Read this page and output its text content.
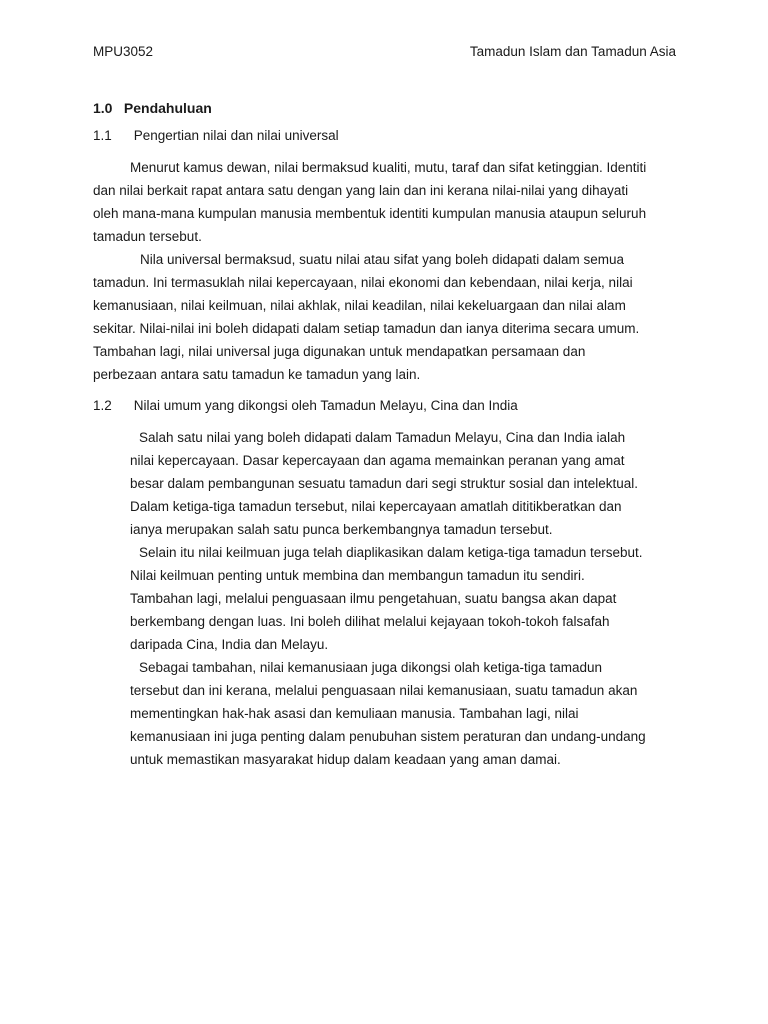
MPU3052	Tamadun Islam dan Tamadun Asia
1.0 Pendahuluan
1.1 Pengertian nilai dan nilai universal
Menurut kamus dewan, nilai bermaksud kualiti, mutu, taraf dan sifat ketinggian. Identiti
dan nilai berkait rapat antara satu dengan yang lain dan ini kerana nilai-nilai yang dihayati
oleh mana-mana kumpulan manusia membentuk identiti kumpulan manusia ataupun seluruh
tamadun tersebut.
Nila universal bermaksud, suatu nilai atau sifat yang boleh didapati dalam semua
tamadun. Ini termasuklah nilai kepercayaan, nilai ekonomi dan kebendaan, nilai kerja, nilai
kemanusiaan, nilai keilmuan, nilai akhlak, nilai keadilan, nilai kekeluargaan dan nilai alam
sekitar. Nilai-nilai ini boleh didapati dalam setiap tamadun dan ianya diterima secara umum.
Tambahan lagi, nilai universal juga digunakan untuk mendapatkan persamaan dan
perbezaan antara satu tamadun ke tamadun yang lain.
1.2 Nilai umum yang dikongsi oleh Tamadun Melayu, Cina dan India
Salah satu nilai yang boleh didapati dalam Tamadun Melayu, Cina dan India ialah
nilai kepercayaan. Dasar kepercayaan dan agama memainkan peranan yang amat
besar dalam pembangunan sesuatu tamadun dari segi struktur sosial dan intelektual.
Dalam ketiga-tiga tamadun tersebut, nilai kepercayaan amatlah dititikberatkan dan
ianya merupakan salah satu punca berkembangnya tamadun tersebut.
Selain itu nilai keilmuan juga telah diaplikasikan dalam ketiga-tiga tamadun tersebut.
Nilai keilmuan penting untuk membina dan membangun tamadun itu sendiri.
Tambahan lagi, melalui penguasaan ilmu pengetahuan, suatu bangsa akan dapat
berkembang dengan luas. Ini boleh dilihat melalui kejayaan tokoh-tokoh falsafah
daripada Cina, India dan Melayu.
Sebagai tambahan, nilai kemanusiaan juga dikongsi olah ketiga-tiga tamadun
tersebut dan ini kerana, melalui penguasaan nilai kemanusiaan, suatu tamadun akan
mementingkan hak-hak asasi dan kemuliaan manusia. Tambahan lagi, nilai
kemanusiaan ini juga penting dalam penubuhan sistem peraturan dan undang-undang
untuk memastikan masyarakat hidup dalam keadaan yang aman damai.
